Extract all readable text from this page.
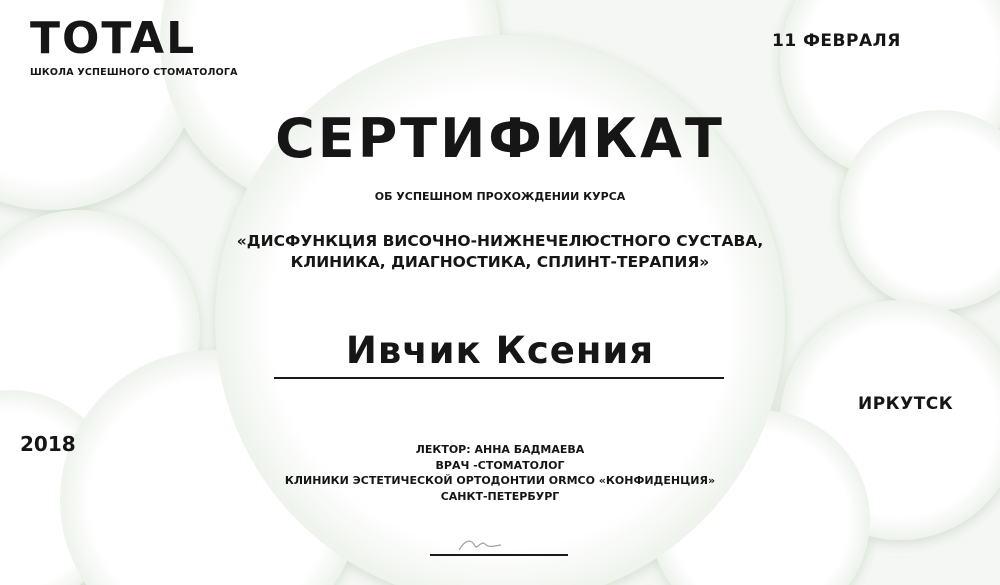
TOTAL
ШКОЛА УСПЕШНОГО СТОМАТОЛОГА
11 ФЕВРАЛЯ
СЕРТИФИКАТ
ОБ УСПЕШНОМ ПРОХОЖДЕНИИ КУРСА
«ДИСФУНКЦИЯ ВИСОЧНО-НИЖНЕЧЕЛЮСТНОГО СУСТАВА,
КЛИНИКА, ДИАГНОСТИКА, СПЛИНТ-ТЕРАПИЯ»
Ивчик Ксения
ИРКУТСК
2018	ЛЕКТОР: АННА БАДМАЕВА
ВРАЧ -СТОМАТОЛОГ
КЛИНИКИ ЭСТЕТИЧЕСКОЙ ОРТОДОНТИИ ORMCO «КОНФИДЕНЦИЯ»
САНКТ-ПЕТЕРБУРГ
